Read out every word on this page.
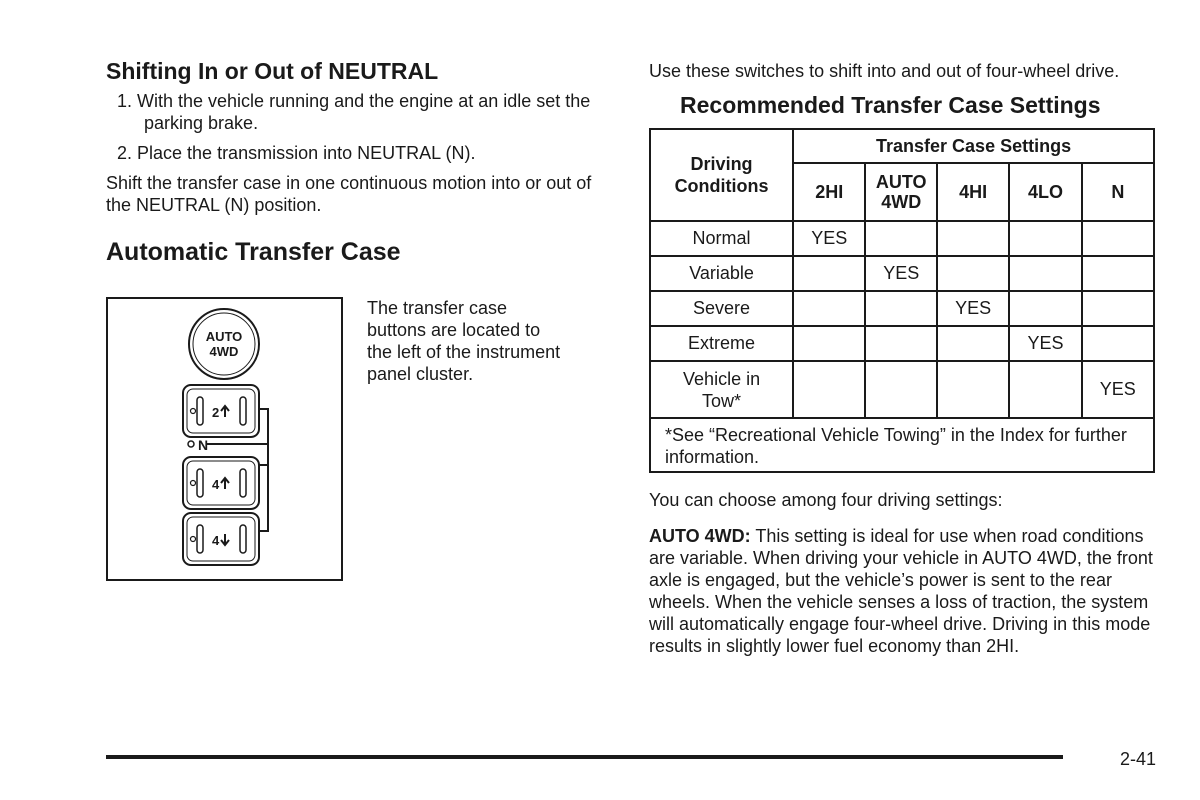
Shifting In or Out of NEUTRAL
1. With the vehicle running and the engine at an idle set the parking brake.
2. Place the transmission into NEUTRAL (N).

Shift the transfer case in one continuous motion into or out of the NEUTRAL (N) position.

Automatic Transfer Case
AUTO
4WD
N
2
4
4
The transfer case buttons are located to the left of the instrument panel cluster.

Use these switches to shift into and out of four-wheel drive.

Recommended Transfer Case Settings
Driving Conditions	Transfer Case Settings				
	2HI	AUTO 4WD	4HI	4LO	N
Normal	YES				
Variable		YES			
Severe			YES		
Extreme				YES	
Vehicle in Tow*					YES
*See “Recreational Vehicle Towing” in the Index for further information.					

You can choose among four driving settings:

AUTO 4WD: This setting is ideal for use when road conditions are variable. When driving your vehicle in AUTO 4WD, the front axle is engaged, but the vehicle’s power is sent to the rear wheels. When the vehicle senses a loss of traction, the system will automatically engage four-wheel drive. Driving in this mode results in slightly lower fuel economy than 2HI.

2-41
